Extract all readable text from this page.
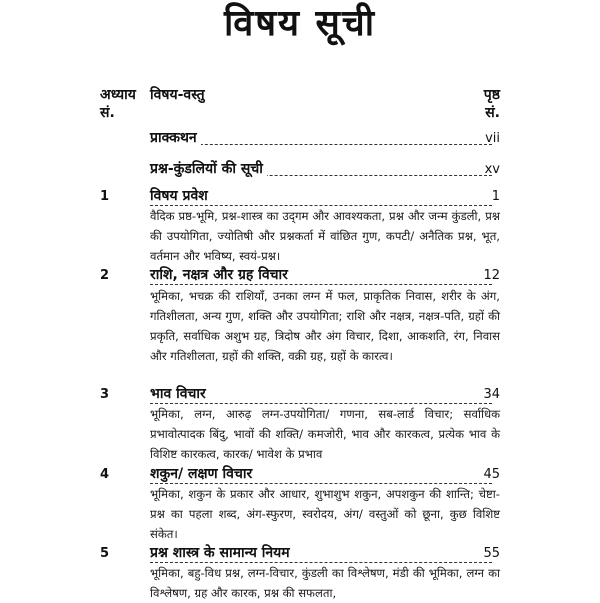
विषय सूची
अध्याय
सं.
विषय-वस्तु	पृष्ठ
सं.
प्राक्कथन	vii
प्रश्न-कुंडलियों की सूची	xv
1	विषय प्रवेश	1
वैदिक प्रष्ठ-भूमि, प्रश्न-शास्त्र का उद्‌गम और आवश्यकता, प्रश्न और जन्म कुंडली, प्रश्न की उपयोगिता, ज्योतिषी और प्रश्नकर्ता में वांछित गुण, कपटी/ अनैतिक प्रश्न, भूत, वर्तमान और भविष्य, स्वयं-प्रश्न।
2	राशि, नक्षत्र और ग्रह विचार	12
भूमिका, भचक्र की राशियाँ, उनका लग्न में फल, प्राकृतिक निवास, शरीर के अंग, गतिशीलता, अन्य गुण, शक्ति और उपयोगिता; राशि और नक्षत्र, नक्षत्र-पति, ग्रहों की प्रकृति, सर्वाधिक अशुभ ग्रह, त्रिदोष और अंग विचार, दिशा, आकशति, रंग, निवास और गतिशीलता, ग्रहों की शक्ति, वक्री ग्रह, ग्रहों के कारत्व।
3	भाव विचार	34
भूमिका, लग्न, आरुढ़ लग्न-उपयोगिता/ गणना, सब-लार्ड विचार; सर्वाधिक प्रभावोत्पादक बिंदु, भावों की शक्ति/ कमजोरी, भाव और कारकत्व, प्रत्येक भाव के विशिष्ट कारकत्व, कारक/ भावेश के प्रभाव
4	शकुन/ लक्षण विचार	45
भूमिका, शकुन के प्रकार और आधार, शुभाशुभ शकुन, अपशकुन की शान्ति; चेष्टा- प्रश्न का पहला शब्द, अंग-स्फुरण, स्वरोदय, अंग/ वस्तुओं को छूना, कुछ विशिष्ट संकेत।
5	प्रश्न शास्त्र के सामान्य नियम	55
भूमिका, बहु-विध प्रश्न, लग्न-विचार, कुंडली का विश्लेषण, मंडी की भूमिका, लग्न का विश्लेषण, ग्रह और कारक, प्रश्न की सफलता,
